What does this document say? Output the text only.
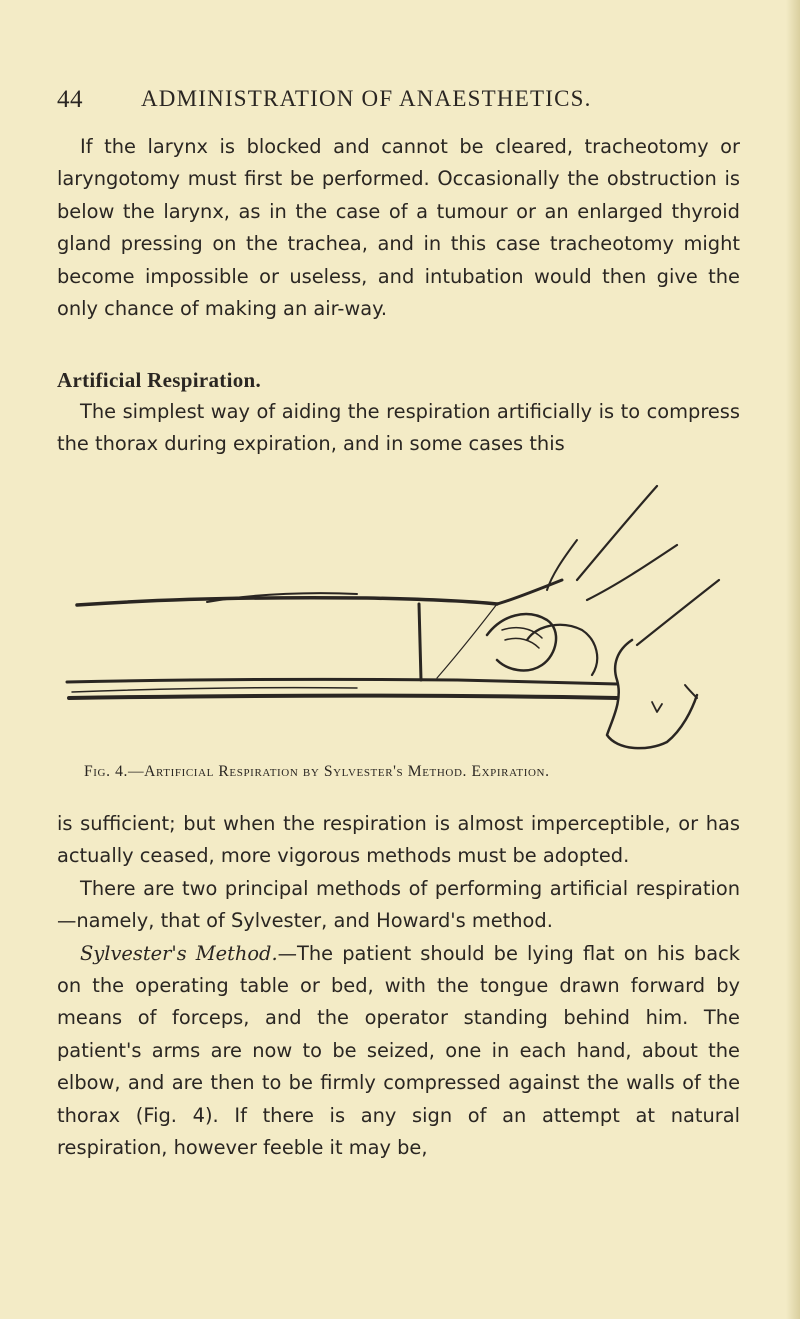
44	ADMINISTRATION OF ANAESTHETICS.

If the larynx is blocked and cannot be cleared, tracheotomy or laryngotomy must first be performed. Occasionally the obstruction is below the larynx, as in the case of a tumour or an enlarged thyroid gland pressing on the trachea, and in this case tracheotomy might become impossible or useless, and intubation would then give the only chance of making an air-way.

Artificial Respiration.

The simplest way of aiding the respiration artificially is to compress the thorax during expiration, and in some cases this

Fig. 4.—Artificial Respiration by Sylvester's Method. Expiration.

is sufficient; but when the respiration is almost imperceptible, or has actually ceased, more vigorous methods must be adopted.

There are two principal methods of performing artificial respiration—namely, that of Sylvester, and Howard's method.

Sylvester's Method.—The patient should be lying flat on his back on the operating table or bed, with the tongue drawn forward by means of forceps, and the operator standing behind him. The patient's arms are now to be seized, one in each hand, about the elbow, and are then to be firmly compressed against the walls of the thorax (Fig. 4). If there is any sign of an attempt at natural respiration, however feeble it may be,
